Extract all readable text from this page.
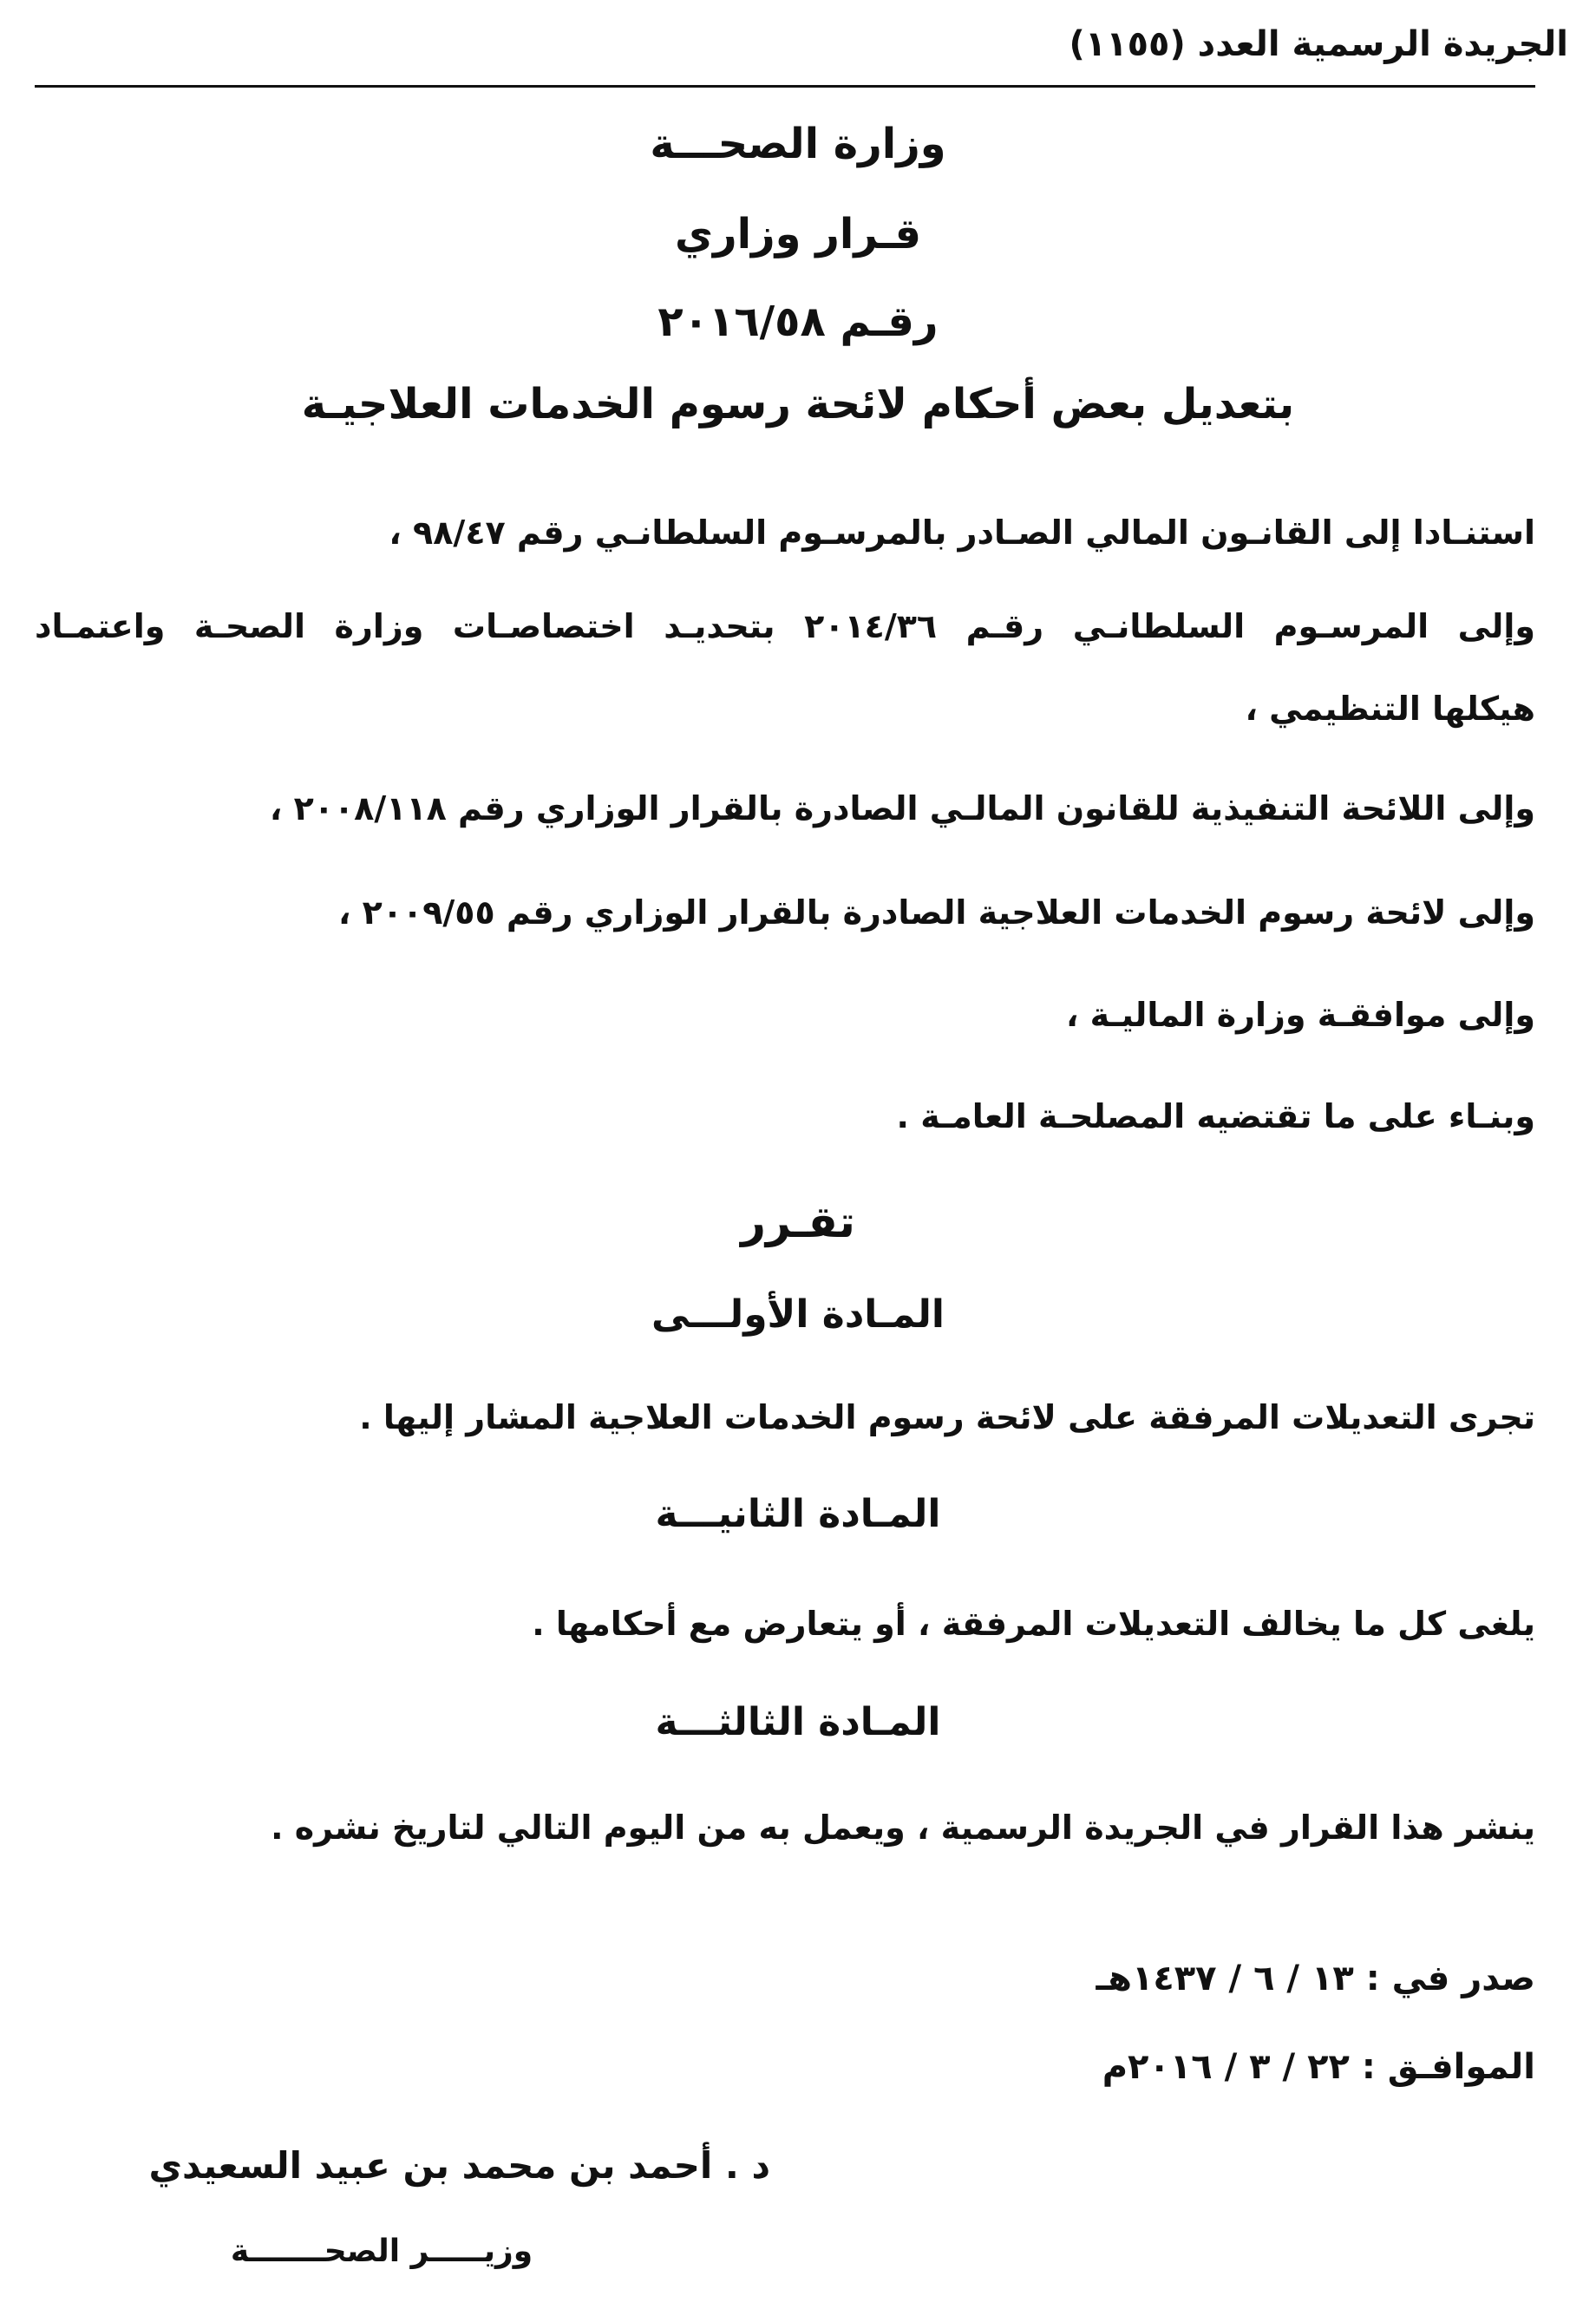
الجريدة الرسمية العدد (١١٥٥)
وزارة الصحـــة
قـرار وزاري
رقـم ٢٠١٦/٥٨
بتعديل بعض أحكام لائحة رسوم الخدمات العلاجيـة
استنـادا إلى القانـون المالي الصـادر بالمرسـوم السلطانـي رقم ٩٨/٤٧ ،
وإلى المرسـوم السلطانـي رقـم ٢٠١٤/٣٦ بتحديـد اختصاصـات وزارة الصحـة واعتمـاد
هيكلها التنظيمي ،
وإلى اللائحة التنفيذية للقانون المالـي الصادرة بالقرار الوزاري رقم ٢٠٠٨/١١٨ ،
وإلى لائحة رسوم الخدمات العلاجية الصادرة بالقرار الوزاري رقم ٢٠٠٩/٥٥ ،
وإلى موافقـة وزارة الماليـة ،
وبنـاء على ما تقتضيه المصلحـة العامـة .
تقـرر
المـادة الأولـــى
تجرى التعديلات المرفقة على لائحة رسوم الخدمات العلاجية المشار إليها .
المـادة الثانيـــة
يلغى كل ما يخالف التعديلات المرفقة ، أو يتعارض مع أحكامها .
المـادة الثالثـــة
ينشر هذا القرار في الجريدة الرسمية ، ويعمل به من اليوم التالي لتاريخ نشره .
صدر في : ١٣ / ٦ / ١٤٣٧هـ
الموافـق : ٢٢ / ٣ / ٢٠١٦م
د . أحمد بن محمد بن عبيد السعيدي
وزيـــــر الصحـــــــة
